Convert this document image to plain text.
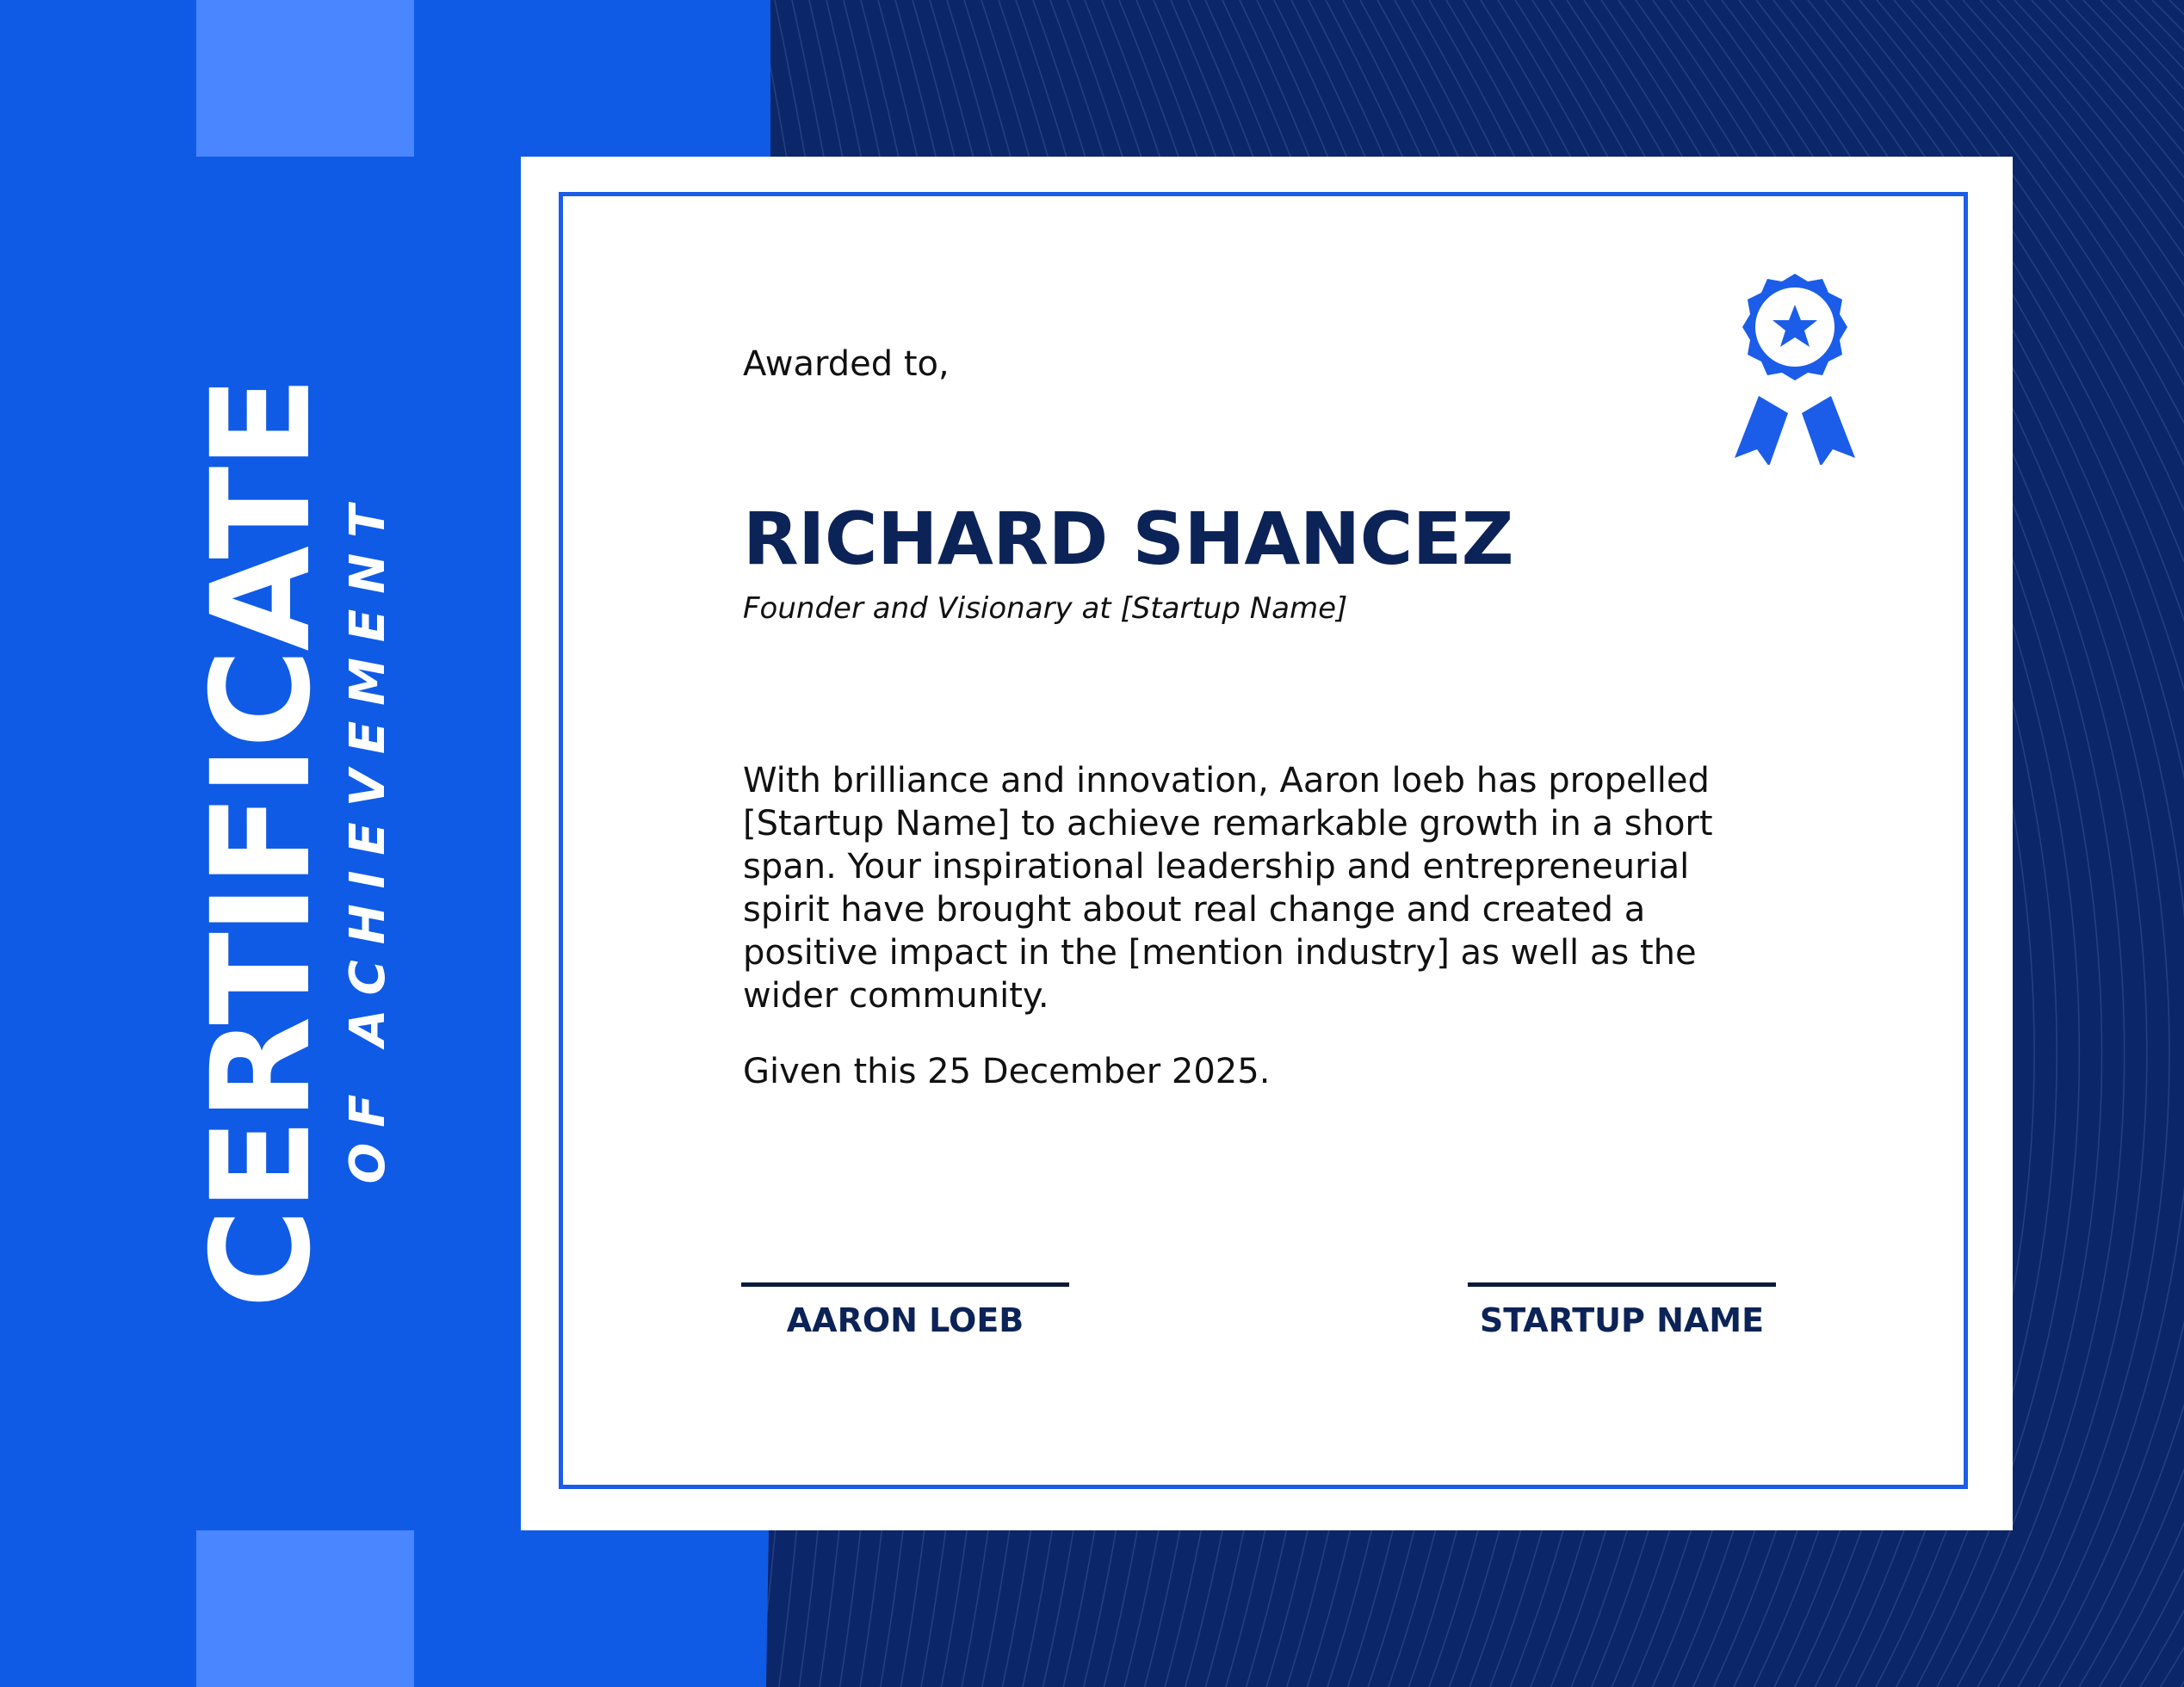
CERTIFICATE OF ACHIEVEMENT
Awarded to,
RICHARD SHANCEZ
Founder and Visionary at [Startup Name]

With brilliance and innovation, Aaron loeb has propelled [Startup Name] to achieve remarkable growth in a short span. Your inspirational leadership and entrepreneurial spirit have brought about real change and created a positive impact in the [mention industry] as well as the wider community.

Given this 25 December 2025.
AARON LOEB	STARTUP NAME
